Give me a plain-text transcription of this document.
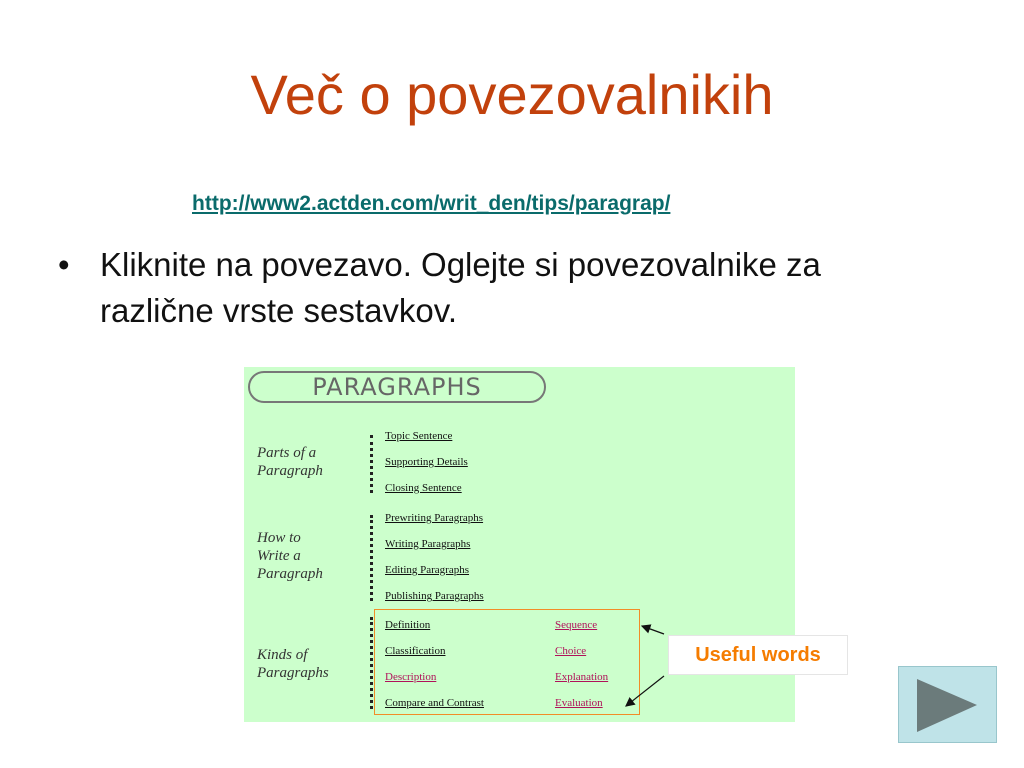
Več o povezovalnikih
http://www2.actden.com/writ_den/tips/paragrap/
• Kliknite na povezavo. Oglejte si povezovalnike za različne vrste sestavkov.
PARAGRAPHS
Parts of a
Paragraph
Topic Sentence
Supporting Details
Closing Sentence
How to
Write a
Paragraph
Prewriting Paragraphs
Writing Paragraphs
Editing Paragraphs
Publishing Paragraphs
Kinds of
Paragraphs
Definition
Classification
Description
Compare and Contrast
Sequence
Choice
Explanation
Evaluation
Useful words
